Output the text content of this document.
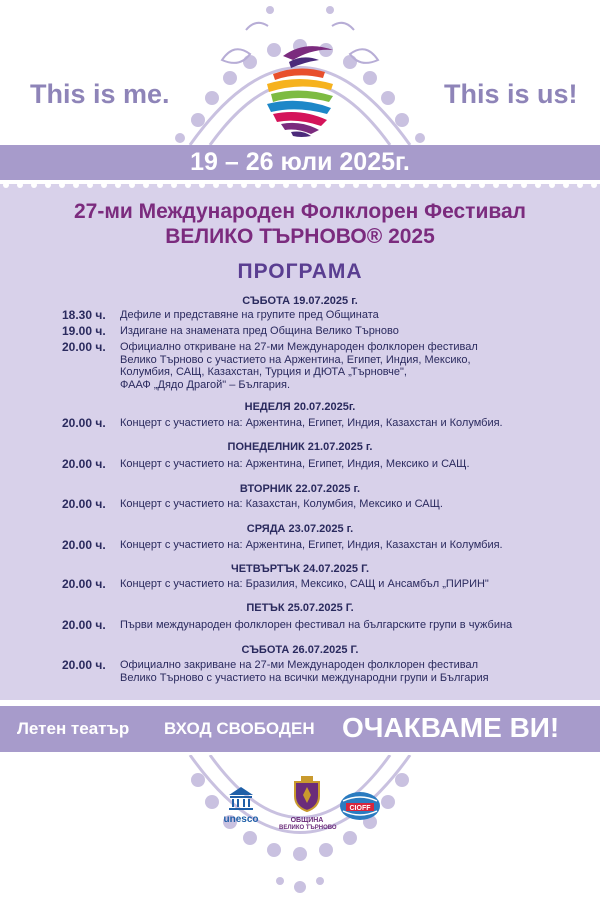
This is me.	This is us!
19 – 26 юли 2025г.
27-ми Международен Фолклорен Фестивал
ВЕЛИКО ТЪРНОВО® 2025
ПРОГРАМА
СЪБОТА 19.07.2025 г.
18.30 ч.	Дефиле и представяне на групите пред Общината
19.00 ч.	Издигане на знамената пред Община Велико Търново
20.00 ч.	Официално откриване на 27-ми Международен фолклорен фестивал
Велико Търново с участието на Аржентина, Египет, Индия, Мексико,
Колумбия, САЩ, Казахстан, Турция и ДЮТА „Търновче",
ФААФ „Дядо Драгой" – България.
НЕДЕЛЯ 20.07.2025г.
20.00 ч.	Концерт с участието на: Аржентина, Египет, Индия, Казахстан и Колумбия.
ПОНЕДЕЛНИК 21.07.2025 г.
20.00 ч.	Концерт с участието на: Аржентина, Египет, Индия, Мексико и САЩ.
ВТОРНИК 22.07.2025 г.
20.00 ч.	Концерт с участието на: Казахстан, Колумбия, Мексико и САЩ.
СРЯДА 23.07.2025 г.
20.00 ч.	Концерт с участието на: Аржентина, Египет, Индия, Казахстан и Колумбия.
ЧЕТВЪРТЪК 24.07.2025 Г.
20.00 ч.	Концерт с участието на: Бразилия, Мексико, САЩ и Ансамбъл „ПИРИН"
ПЕТЪК 25.07.2025 Г.
20.00 ч.	Първи международен фолклорен фестивал на българските групи в чужбина
СЪБОТА 26.07.2025 Г.
20.00 ч.	Официално закриване на 27-ми Международен фолклорен фестивал
Велико Търново с участието на всички международни групи и България
Летен театър ВХОД СВОБОДЕН ОЧАКВАМЕ ВИ!
unesco	ОБЩИНА
ВЕЛИКО ТЪРНОВО
CIOFF
